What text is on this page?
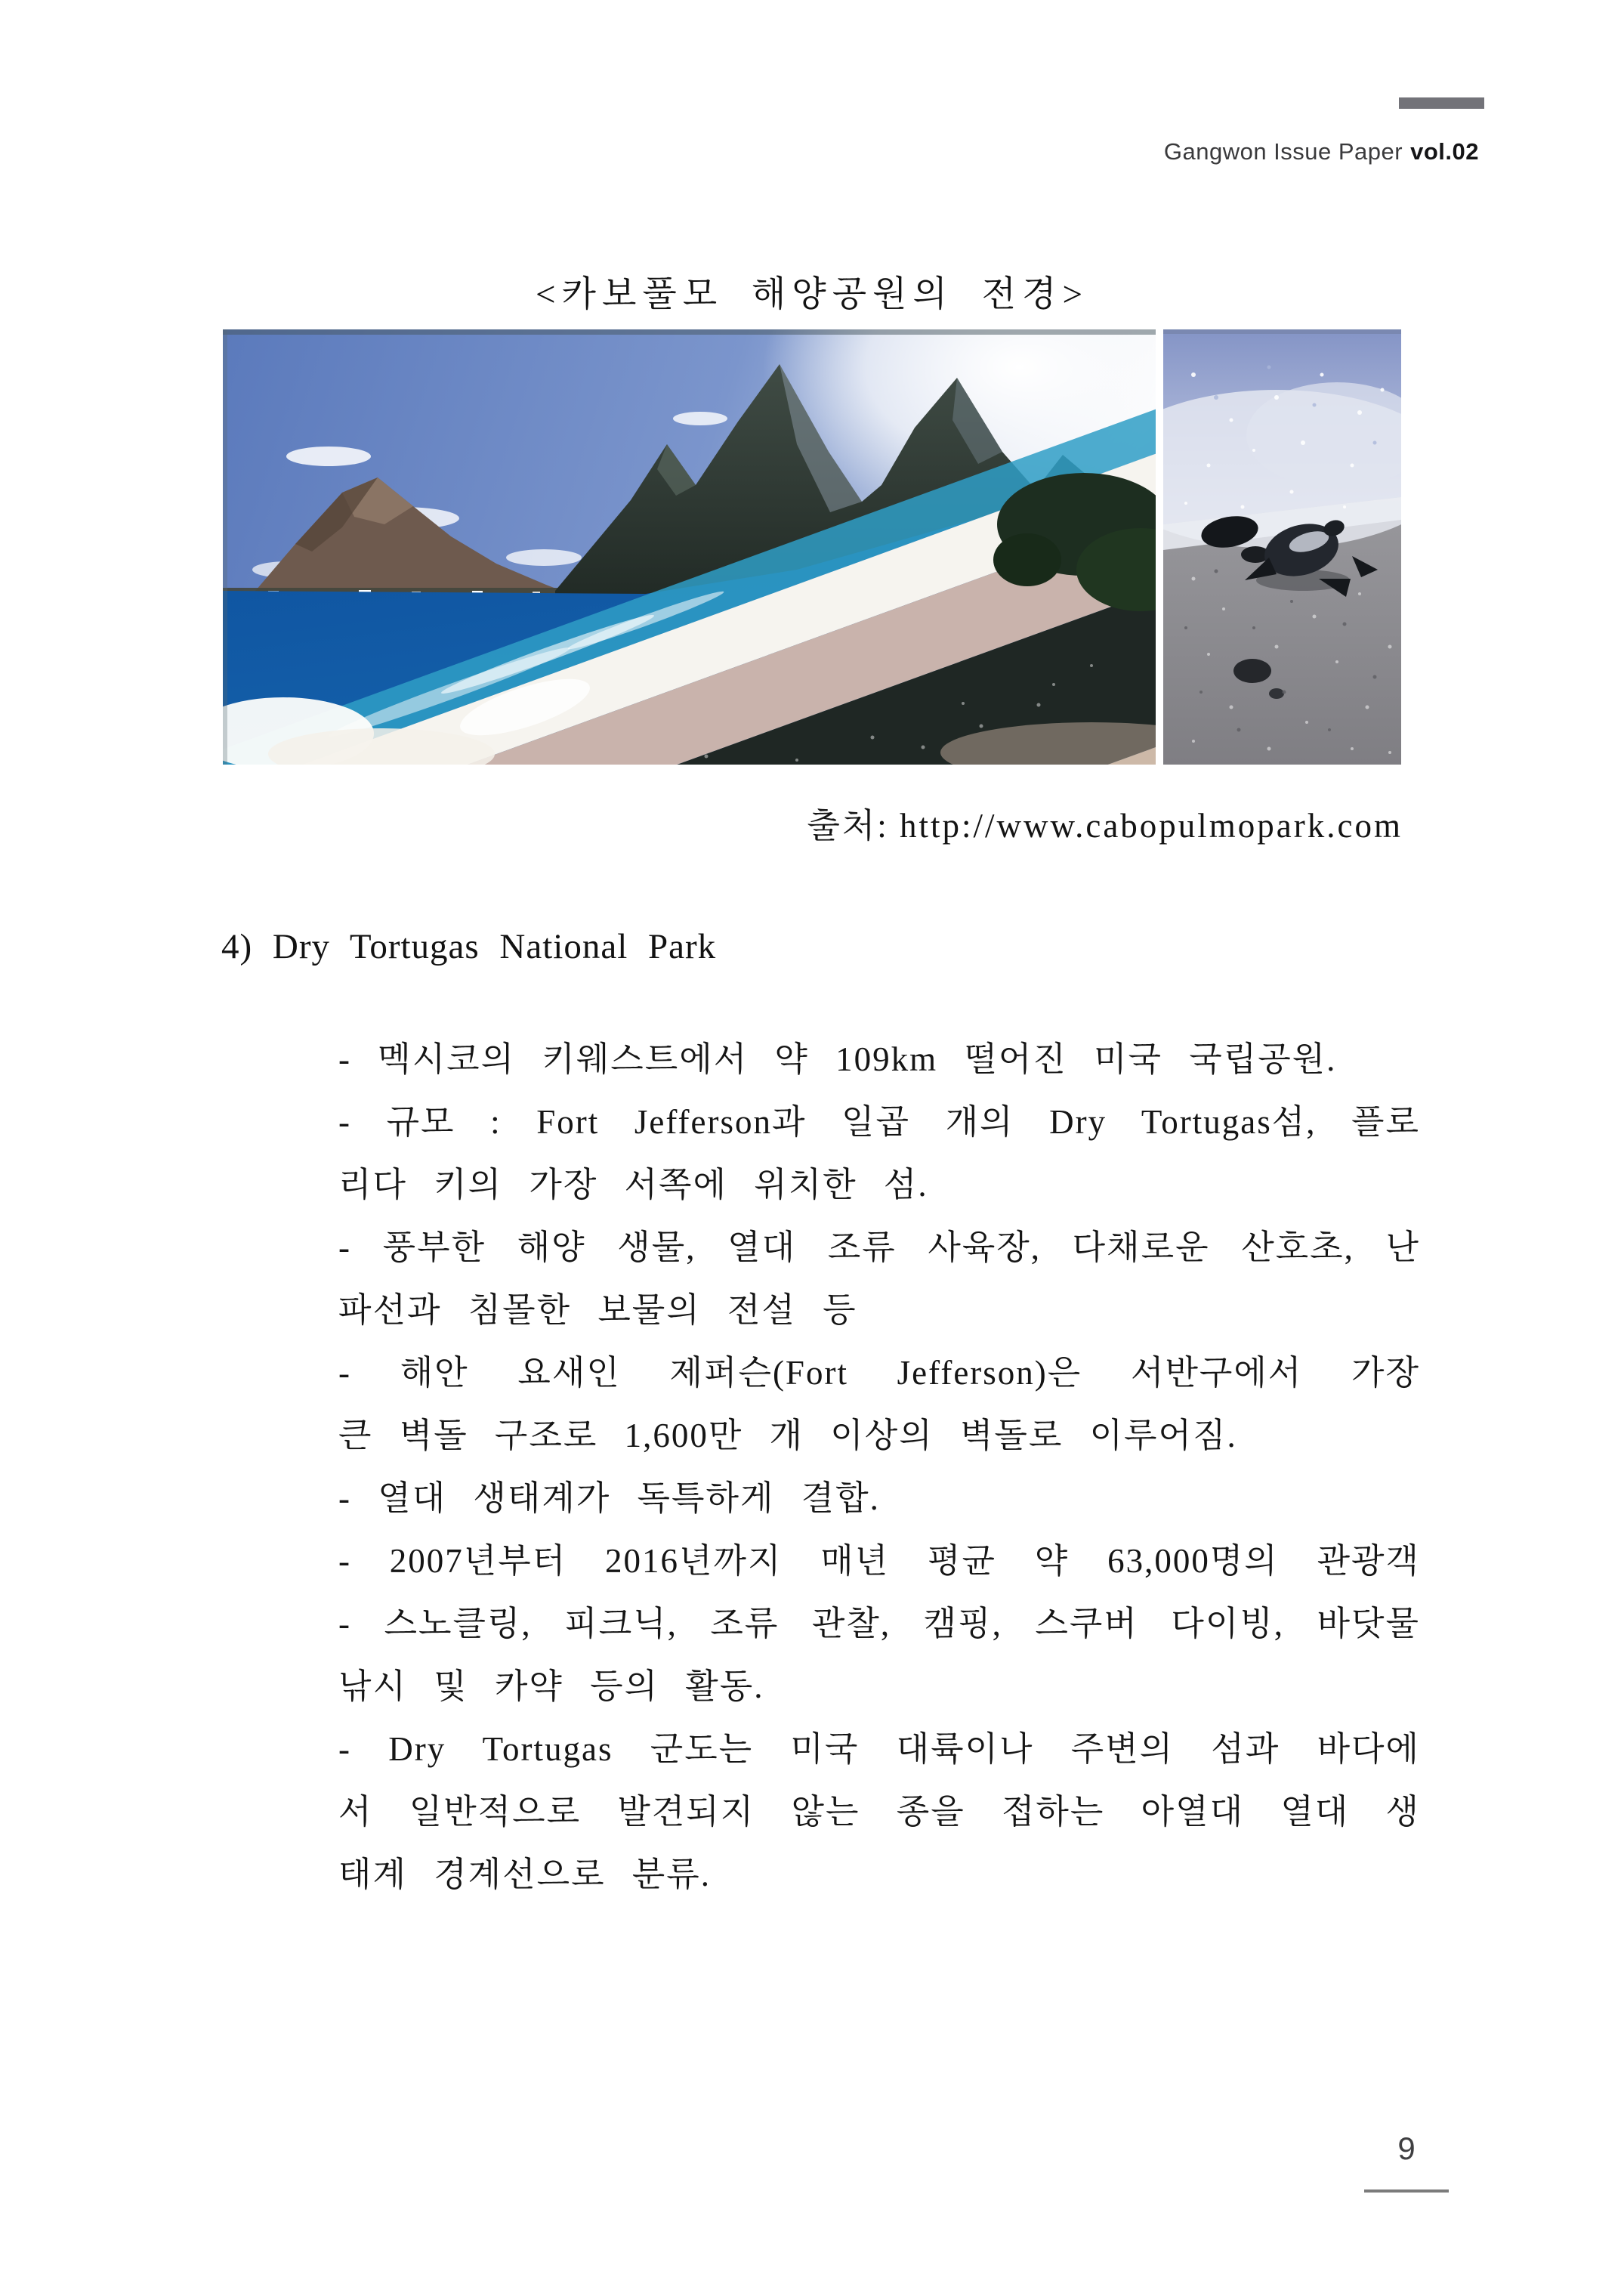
Gangwon Issue Paper vol.02
<카보풀모 해양공원의 전경>
출처: http://www.cabopulmopark.com
4) Dry Tortugas National Park
- 멕시코의 키웨스트에서 약 109km 떨어진 미국 국립공원.
- 규모 : Fort Jefferson과 일곱 개의 Dry Tortugas섬, 플로
리다 키의 가장 서쪽에 위치한 섬.
- 풍부한 해양 생물, 열대 조류 사육장, 다채로운 산호초, 난
파선과 침몰한 보물의 전설 등
- 해안 요새인 제퍼슨(Fort Jefferson)은 서반구에서 가장
큰 벽돌 구조로 1,600만 개 이상의 벽돌로 이루어짐.
- 열대 생태계가 독특하게 결합.
- 2007년부터 2016년까지 매년 평균 약 63,000명의 관광객
- 스노클링, 피크닉, 조류 관찰, 캠핑, 스쿠버 다이빙, 바닷물
낚시 및 카약 등의 활동.
- Dry Tortugas 군도는 미국 대륙이나 주변의 섬과 바다에
서 일반적으로 발견되지 않는 종을 접하는 아열대 열대 생
태계 경계선으로 분류.
9
